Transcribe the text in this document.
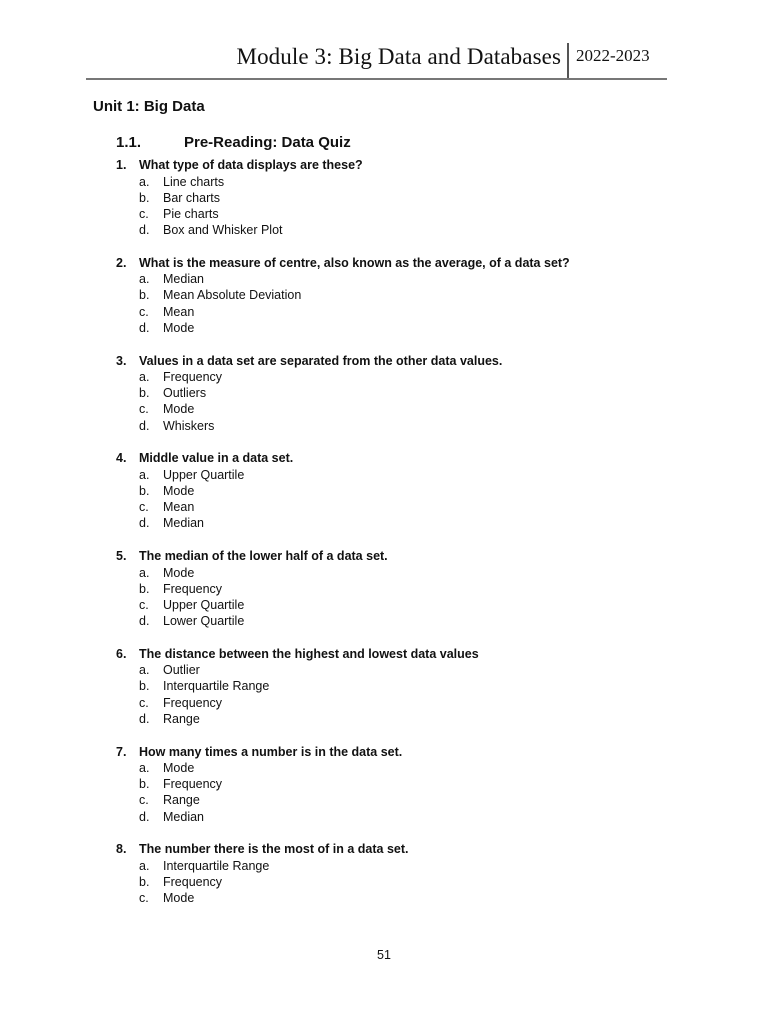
Module 3: Big Data and Databases 2022-2023
Unit 1: Big Data
1.1.	Pre-Reading: Data Quiz
1. What type of data displays are these?
a. Line charts
b. Bar charts
c. Pie charts
d. Box and Whisker Plot
2. What is the measure of centre, also known as the average, of a data set?
a. Median
b. Mean Absolute Deviation
c. Mean
d. Mode
3. Values in a data set are separated from the other data values.
a. Frequency
b. Outliers
c. Mode
d. Whiskers
4. Middle value in a data set.
a. Upper Quartile
b. Mode
c. Mean
d. Median
5. The median of the lower half of a data set.
a. Mode
b. Frequency
c. Upper Quartile
d. Lower Quartile
6. The distance between the highest and lowest data values
a. Outlier
b. Interquartile Range
c. Frequency
d. Range
7. How many times a number is in the data set.
a. Mode
b. Frequency
c. Range
d. Median
8. The number there is the most of in a data set.
a. Interquartile Range
b. Frequency
c. Mode
51
